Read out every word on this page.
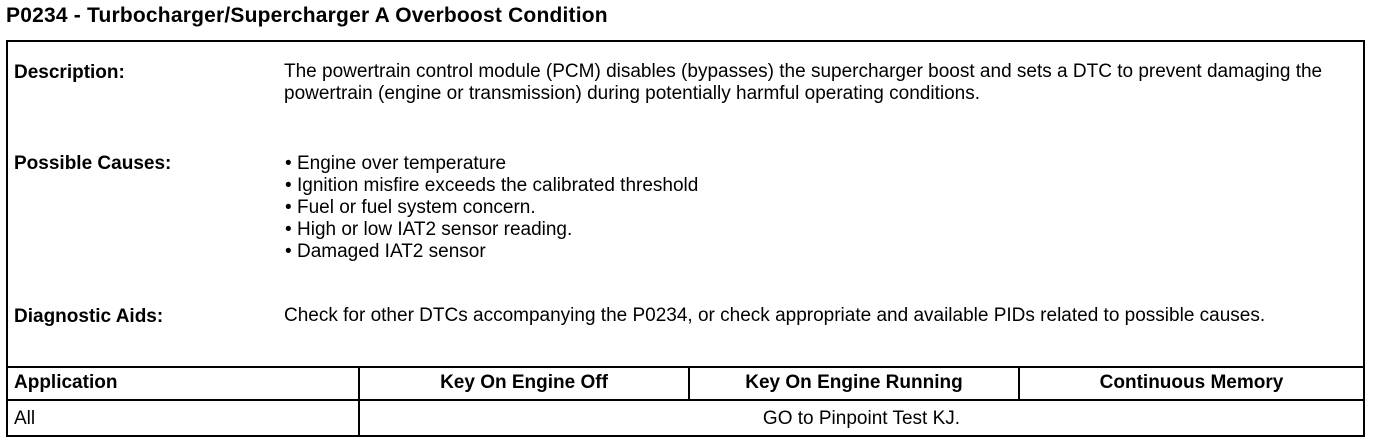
P0234 - Turbocharger/Supercharger A Overboost Condition
Description:	The powertrain control module (PCM) disables (bypasses) the supercharger boost and sets a DTC to prevent damaging the powertrain (engine or transmission) during potentially harmful operating conditions.
Possible Causes:
•	Engine over temperature
• Ignition misfire exceeds the calibrated threshold
• Fuel or fuel system concern.
• High or low IAT2 sensor reading.
• Damaged IAT2 sensor
Diagnostic Aids:	Check for other DTCs accompanying the P0234, or check appropriate and available PIDs related to possible causes.
Application	Key On Engine Off	Key On Engine Running	Continuous Memory
All	GO to Pinpoint Test KJ.
